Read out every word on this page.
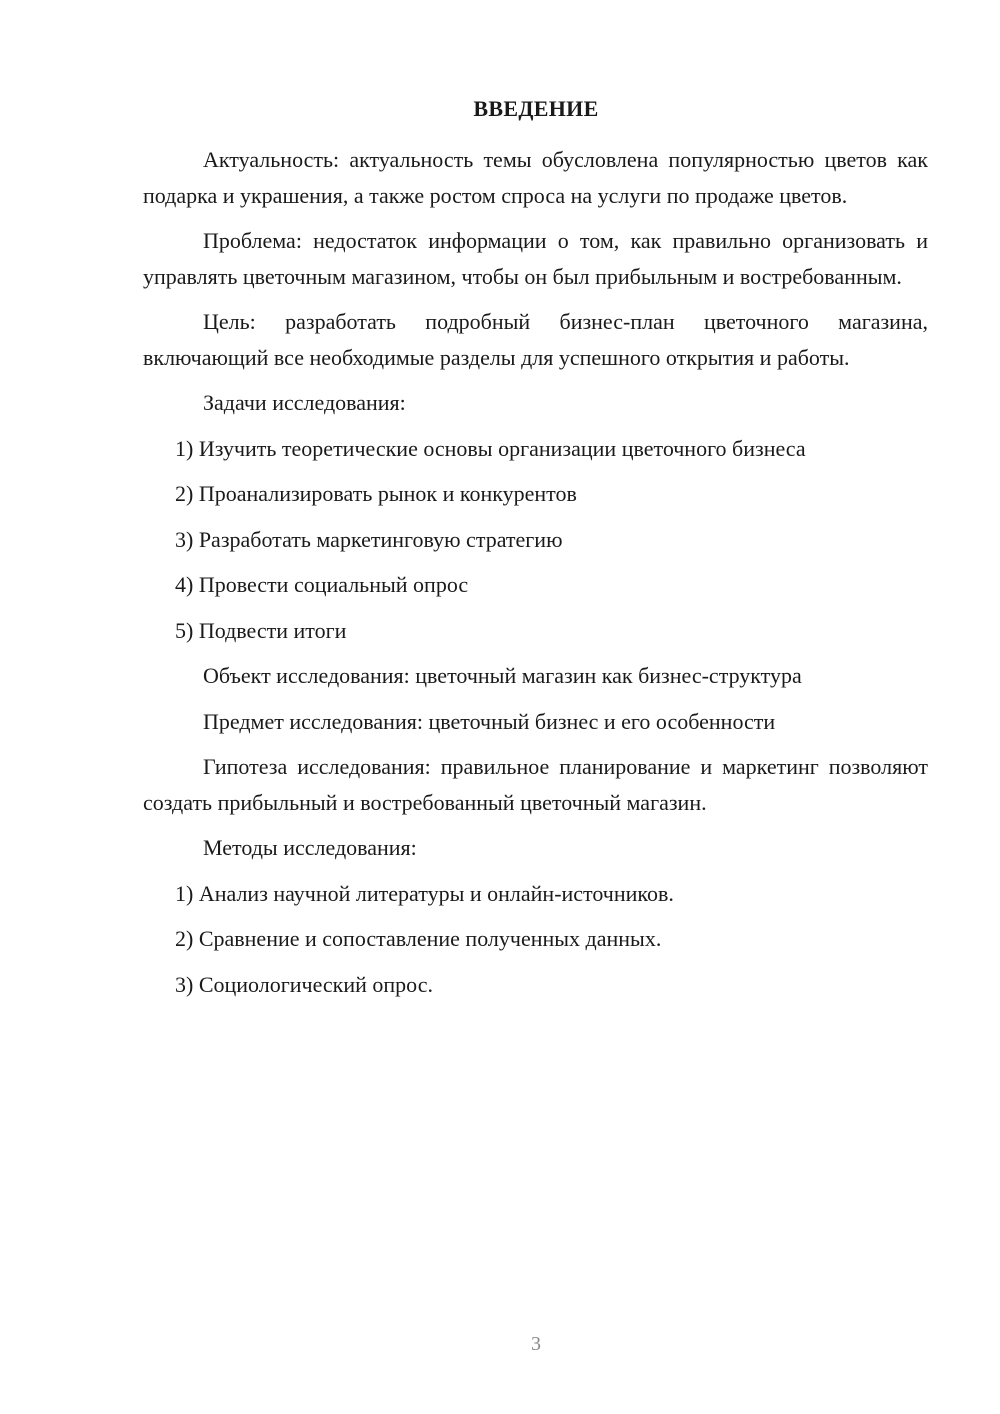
ВВЕДЕНИЕ

Актуальность: актуальность темы обусловлена популярностью цветов как подарка и украшения, а также ростом спроса на услуги по продаже цветов.

Проблема: недостаток информации о том, как правильно организовать и управлять цветочным магазином, чтобы он был прибыльным и востребованным.

Цель: разработать подробный бизнес-план цветочного магазина, включающий все необходимые разделы для успешного открытия и работы.

Задачи исследования:

1) Изучить теоретические основы организации цветочного бизнеса

2) Проанализировать рынок и конкурентов

3) Разработать маркетинговую стратегию

4) Провести социальный опрос

5) Подвести итоги

Объект исследования: цветочный магазин как бизнес-структура

Предмет исследования: цветочный бизнес и его особенности

Гипотеза исследования: правильное планирование и маркетинг позволяют создать прибыльный и востребованный цветочный магазин.

Методы исследования:

1) Анализ научной литературы и онлайн-источников.

2) Сравнение и сопоставление полученных данных.

3) Социологический опрос.

3
